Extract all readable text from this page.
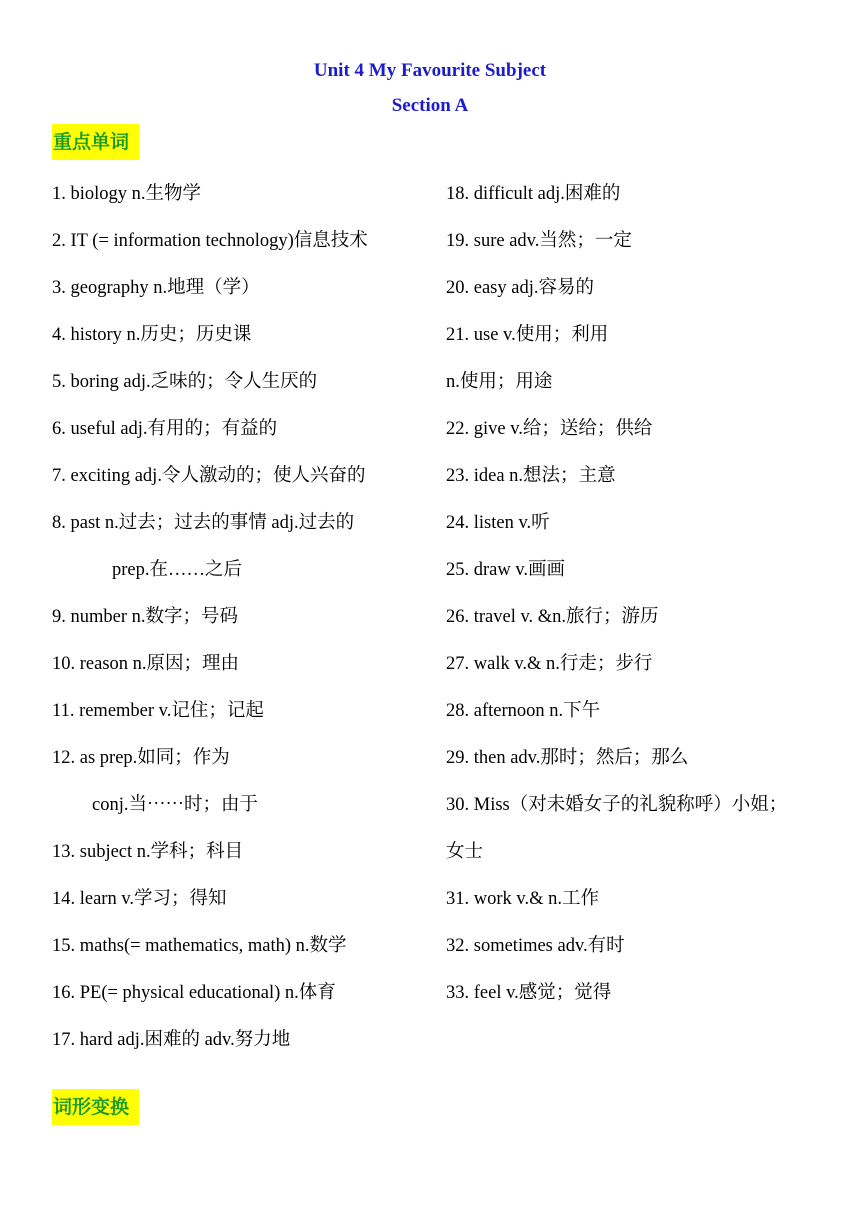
Unit 4 My Favourite Subject
Section A
重点单词
1. biology n.生物学
2. IT (= information technology)信息技术
3. geography n.地理（学）
4. history n.历史；历史课
5. boring adj.乏味的；令人生厌的
6. useful adj.有用的；有益的
7. exciting adj.令人激动的；使人兴奋的
8. past n.过去；过去的事情 adj.过去的
prep.在……之后
9. number n.数字；号码
10. reason n.原因；理由
11. remember v.记住；记起
12. as prep.如同；作为
conj.当⋯⋯时；由于
13. subject n.学科；科目
14. learn v.学习；得知
15. maths(= mathematics, math) n.数学
16. PE(= physical educational) n.体育
17. hard adj.困难的 adv.努力地
18. difficult adj.困难的
19. sure adv.当然；一定
20. easy adj.容易的
21. use v.使用；利用
n.使用；用途
22. give v.给；送给；供给
23. idea n.想法；主意
24. listen v.听
25. draw v.画画
26. travel v. &n.旅行；游历
27. walk v.& n.行走；步行
28. afternoon n.下午
29. then adv.那时；然后；那么
30. Miss（对未婚女子的礼貌称呼）小姐；
女士
31. work v.& n.工作
32. sometimes adv.有时
33. feel v.感觉；觉得
词形变换
